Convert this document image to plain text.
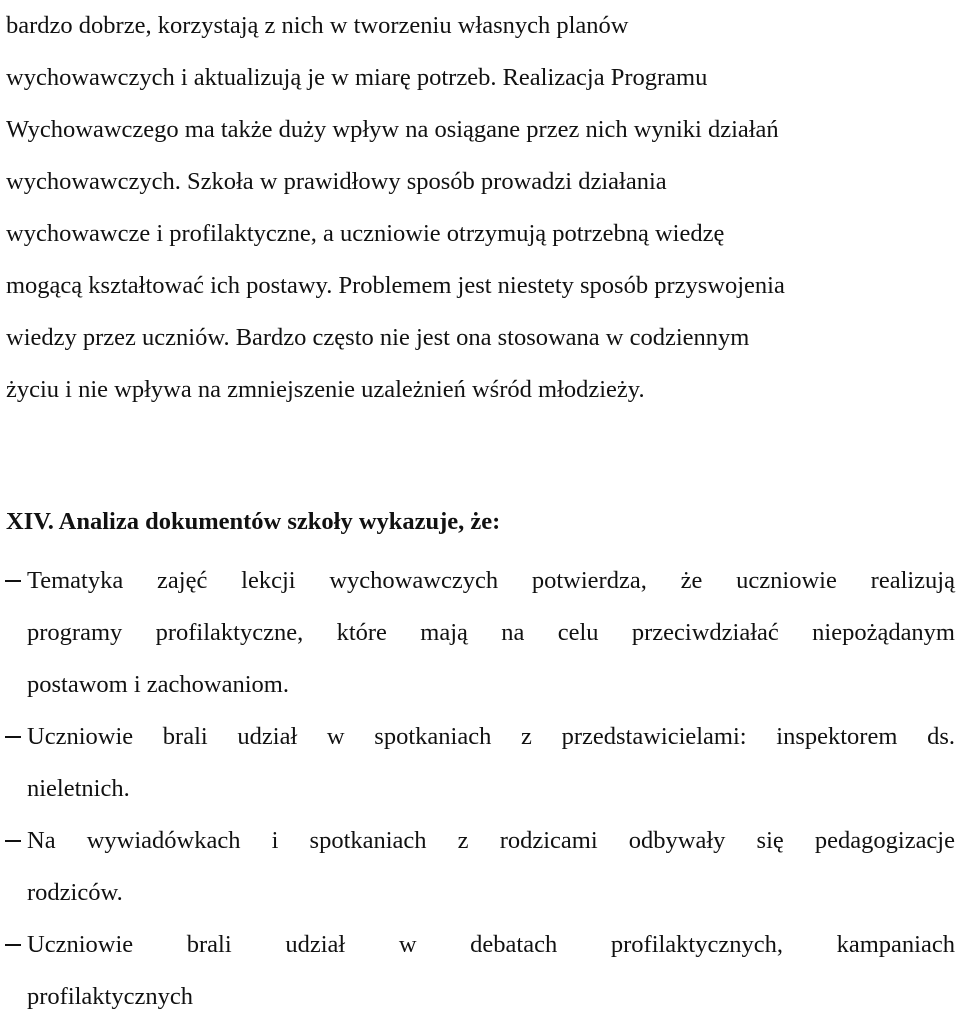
bardzo dobrze, korzystają z nich w tworzeniu własnych planów
wychowawczych i aktualizują je w miarę potrzeb. Realizacja Programu
Wychowawczego ma także duży wpływ na osiągane przez nich wyniki działań
wychowawczych. Szkoła w prawidłowy sposób prowadzi działania
wychowawcze i profilaktyczne, a uczniowie otrzymują potrzebną wiedzę
mogącą kształtować ich postawy. Problemem jest niestety sposób przyswojenia
wiedzy przez uczniów. Bardzo często nie jest ona stosowana w codziennym
życiu i nie wpływa na zmniejszenie uzależnień wśród młodzieży.
XIV. Analiza dokumentów szkoły wykazuje, że:
Tematyka zajęć lekcji wychowawczych potwierdza, że uczniowie realizują
programy profilaktyczne, które mają na celu przeciwdziałać niepożądanym
postawom i zachowaniom.
Uczniowie brali udział w spotkaniach z przedstawicielami: inspektorem ds.
nieletnich.
Na wywiadówkach i spotkaniach z rodzicami odbywały się pedagogizacje
rodziców.
Uczniowie brali udział w debatach profilaktycznych, kampaniach
profilaktycznych
